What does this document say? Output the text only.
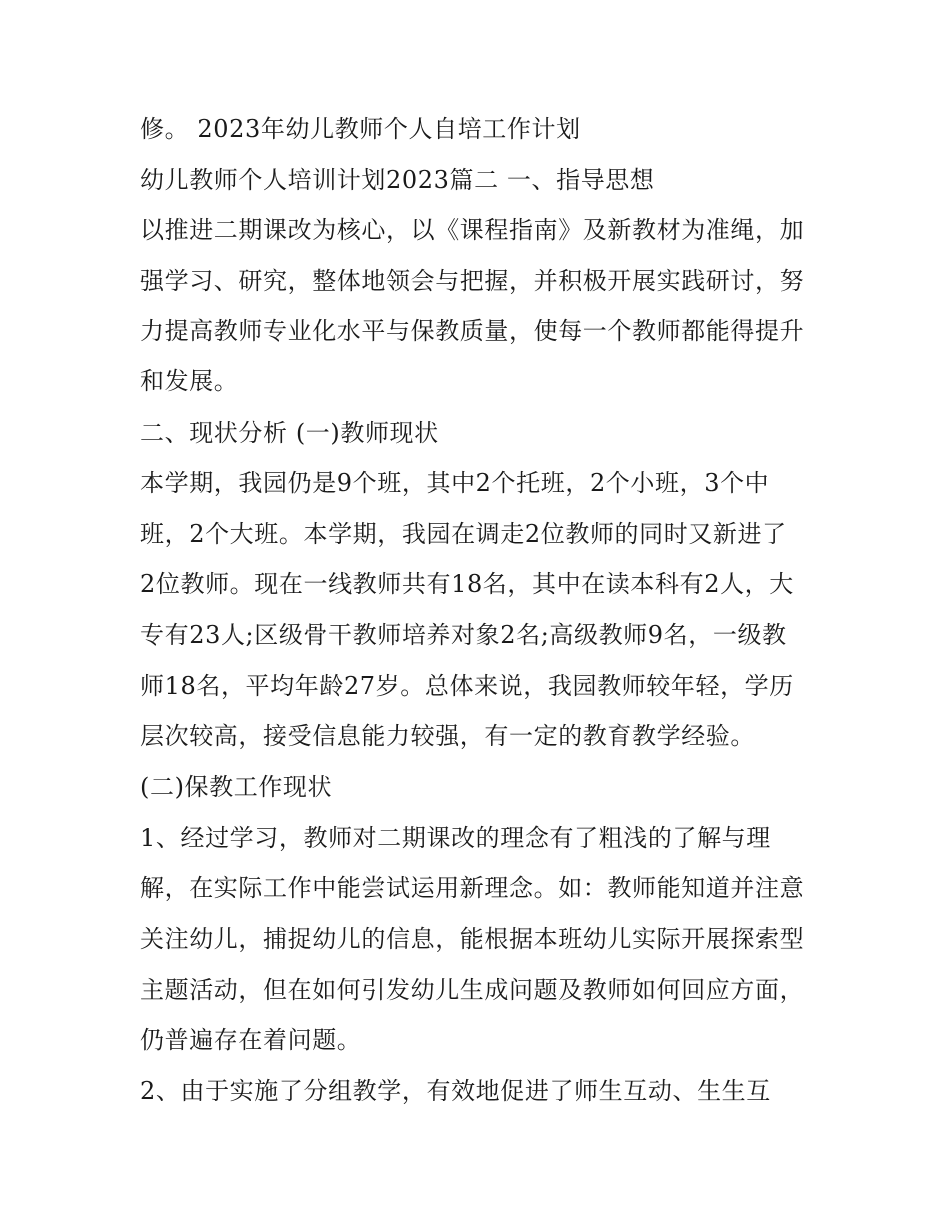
修。 2023年幼儿教师个人自培工作计划
幼儿教师个人培训计划2023篇二 一、指导思想
以推进二期课改为核心，以《课程指南》及新教材为准绳，加
强学习、研究，整体地领会与把握，并积极开展实践研讨，努
力提高教师专业化水平与保教质量，使每一个教师都能得提升
和发展。
二、现状分析 (一)教师现状
本学期，我园仍是9个班，其中2个托班，2个小班，3个中
班，2个大班。本学期，我园在调走2位教师的同时又新进了
2位教师。现在一线教师共有18名，其中在读本科有2人，大
专有23人;区级骨干教师培养对象2名;高级教师9名，一级教
师18名，平均年龄27岁。总体来说，我园教师较年轻，学历
层次较高，接受信息能力较强，有一定的教育教学经验。
(二)保教工作现状
1、经过学习，教师对二期课改的理念有了粗浅的了解与理
解，在实际工作中能尝试运用新理念。如：教师能知道并注意
关注幼儿，捕捉幼儿的信息，能根据本班幼儿实际开展探索型
主题活动，但在如何引发幼儿生成问题及教师如何回应方面，
仍普遍存在着问题。
2、由于实施了分组教学，有效地促进了师生互动、生生互
